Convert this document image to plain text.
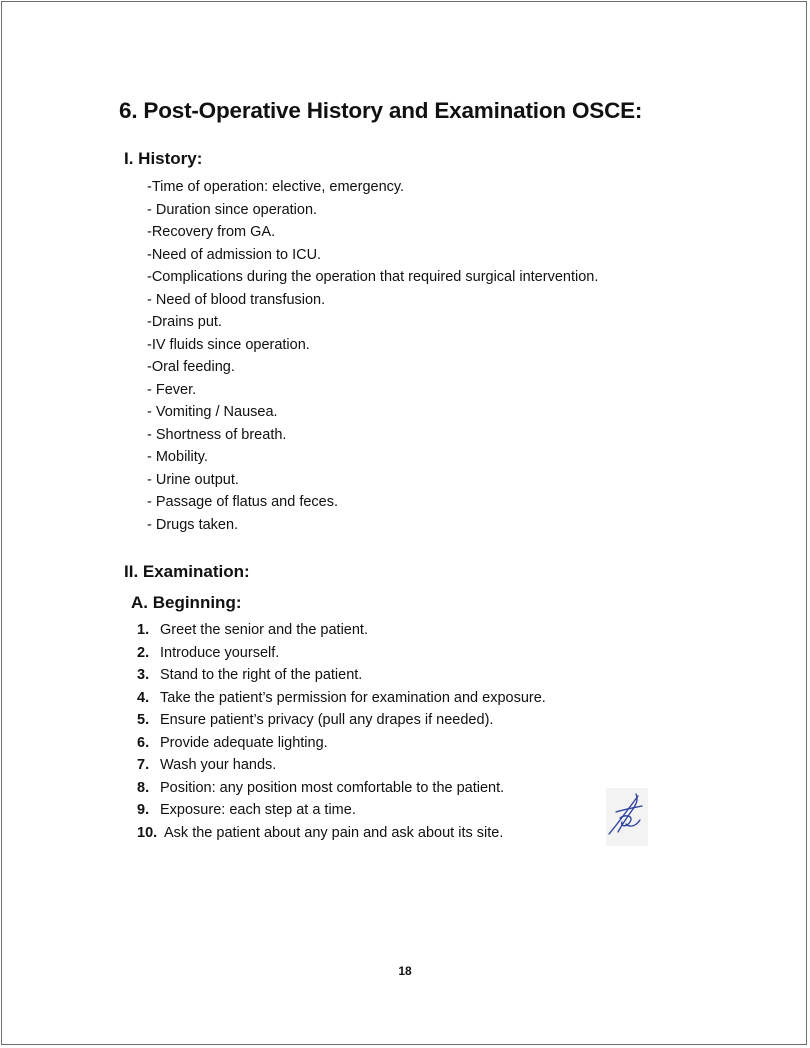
6. Post-Operative History and Examination OSCE:
I. History:
-Time of operation: elective, emergency.
- Duration since operation.
-Recovery from GA.
-Need of admission to ICU.
-Complications during the operation that required surgical intervention.
- Need of blood transfusion.
-Drains put.
-IV fluids since operation.
-Oral feeding.
- Fever.
- Vomiting / Nausea.
- Shortness of breath.
- Mobility.
- Urine output.
- Passage of flatus and feces.
- Drugs taken.
II. Examination:
A. Beginning:
1. Greet the senior and the patient.
2. Introduce yourself.
3. Stand to the right of the patient.
4. Take the patient’s permission for examination and exposure.
5. Ensure patient’s privacy (pull any drapes if needed).
6. Provide adequate lighting.
7. Wash your hands.
8. Position: any position most comfortable to the patient.
9. Exposure: each step at a time.
10. Ask the patient about any pain and ask about its site.
18
